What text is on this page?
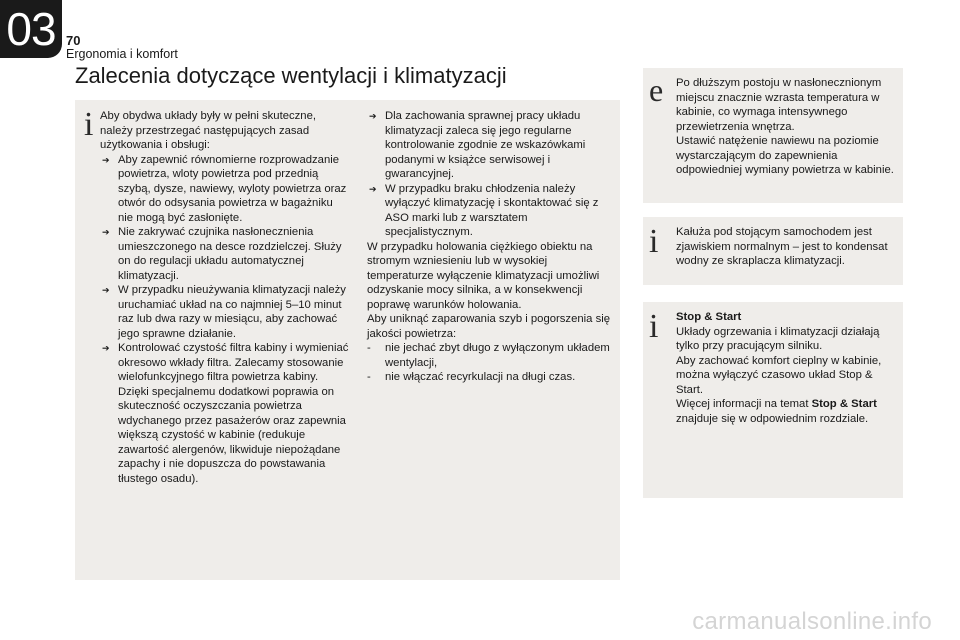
03 70
Ergonomia i komfort
Zalecenia dotyczące wentylacji i klimatyzacji
i Aby obydwa układy były w pełni skuteczne, należy przestrzegać następujących zasad użytkowania i obsługi:

➔ Aby zapewnić równomierne rozprowadzanie powietrza, wloty powietrza pod przednią szybą, dysze, nawiewy, wyloty powietrza oraz otwór do odsysania powietrza w bagażniku nie mogą być zasłonięte.
➔ Nie zakrywać czujnika nasłonecznienia umieszczonego na desce rozdzielczej. Służy on do regulacji układu automatycznej klimatyzacji.
➔ W przypadku nieużywania klimatyzacji należy uruchamiać układ na co najmniej 5–10 minut raz lub dwa razy w miesiącu, aby zachować jego sprawne działanie.
➔ Kontrolować czystość filtra kabiny i wymieniać okresowo wkłady filtra. Zalecamy stosowanie wielofunkcyjnego filtra powietrza kabiny. Dzięki specjalnemu dodatkowi poprawia on skuteczność oczyszczania powietrza wdychanego przez pasażerów oraz zapewnia większą czystość w kabinie (redukuje zawartość alergenów, likwiduje niepożądane zapachy i nie dopuszcza do powstawania tłustego osadu).
➔ Dla zachowania sprawnej pracy układu klimatyzacji zaleca się jego regularne kontrolowanie zgodnie ze wskazówkami podanymi w książce serwisowej i gwarancyjnej.
➔ W przypadku braku chłodzenia należy wyłączyć klimatyzację i skontaktować się z ASO marki lub z warsztatem specjalistycznym.

W przypadku holowania ciężkiego obiektu na stromym wzniesieniu lub w wysokiej temperaturze wyłączenie klimatyzacji umożliwi odzyskanie mocy silnika, a w konsekwencji poprawę warunków holowania.

Aby uniknąć zaparowania szyb i pogorszenia się jakości powietrza:

- nie jechać zbyt długo z wyłączonym układem wentylacji,
- nie włączać recyrkulacji na długi czas.
e Po dłuższym postoju w nasłonecznionym miejscu znacznie wzrasta temperatura w kabinie, co wymaga intensywnego przewietrzenia wnętrza.

Ustawić natężenie nawiewu na poziomie wystarczającym do zapewnienia odpowiedniej wymiany powietrza w kabinie.

i Kałuża pod stojącym samochodem jest zjawiskiem normalnym – jest to kondensat wodny ze skraplacza klimatyzacji.

i Stop & Start

Układy ogrzewania i klimatyzacji działają tylko przy pracującym silniku.

Aby zachować komfort cieplny w kabinie, można wyłączyć czasowo układ Stop & Start.

Więcej informacji na temat Stop & Start znajduje się w odpowiednim rozdziale.

carmanualsonline.info
